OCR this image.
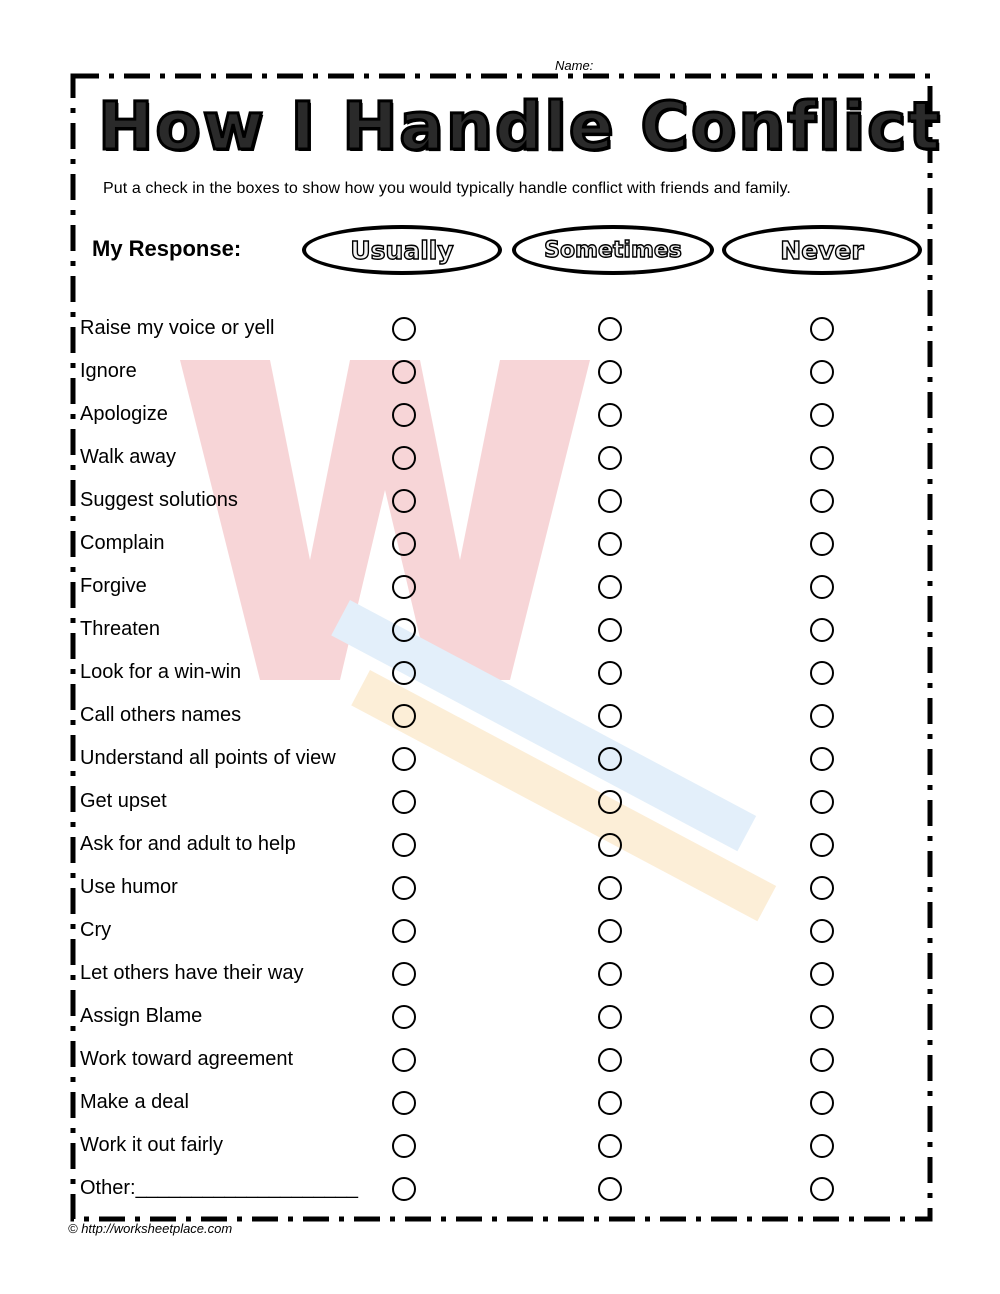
Name:
How I Handle Conflict
Put a check in the boxes to show how you would typically handle conflict with friends and family.
My Response:	Usually	Sometimes	Never
Raise my voice or yell
Ignore
Apologize
Walk away
Suggest solutions
Complain
Forgive
Threaten
Look for a win-win
Call others names
Understand all points of view
Get upset
Ask for and adult to help
Use humor
Cry
Let others have their way
Assign Blame
Work toward agreement
Make a deal
Work it out fairly
Other:____________________
© http://worksheetplace.com
